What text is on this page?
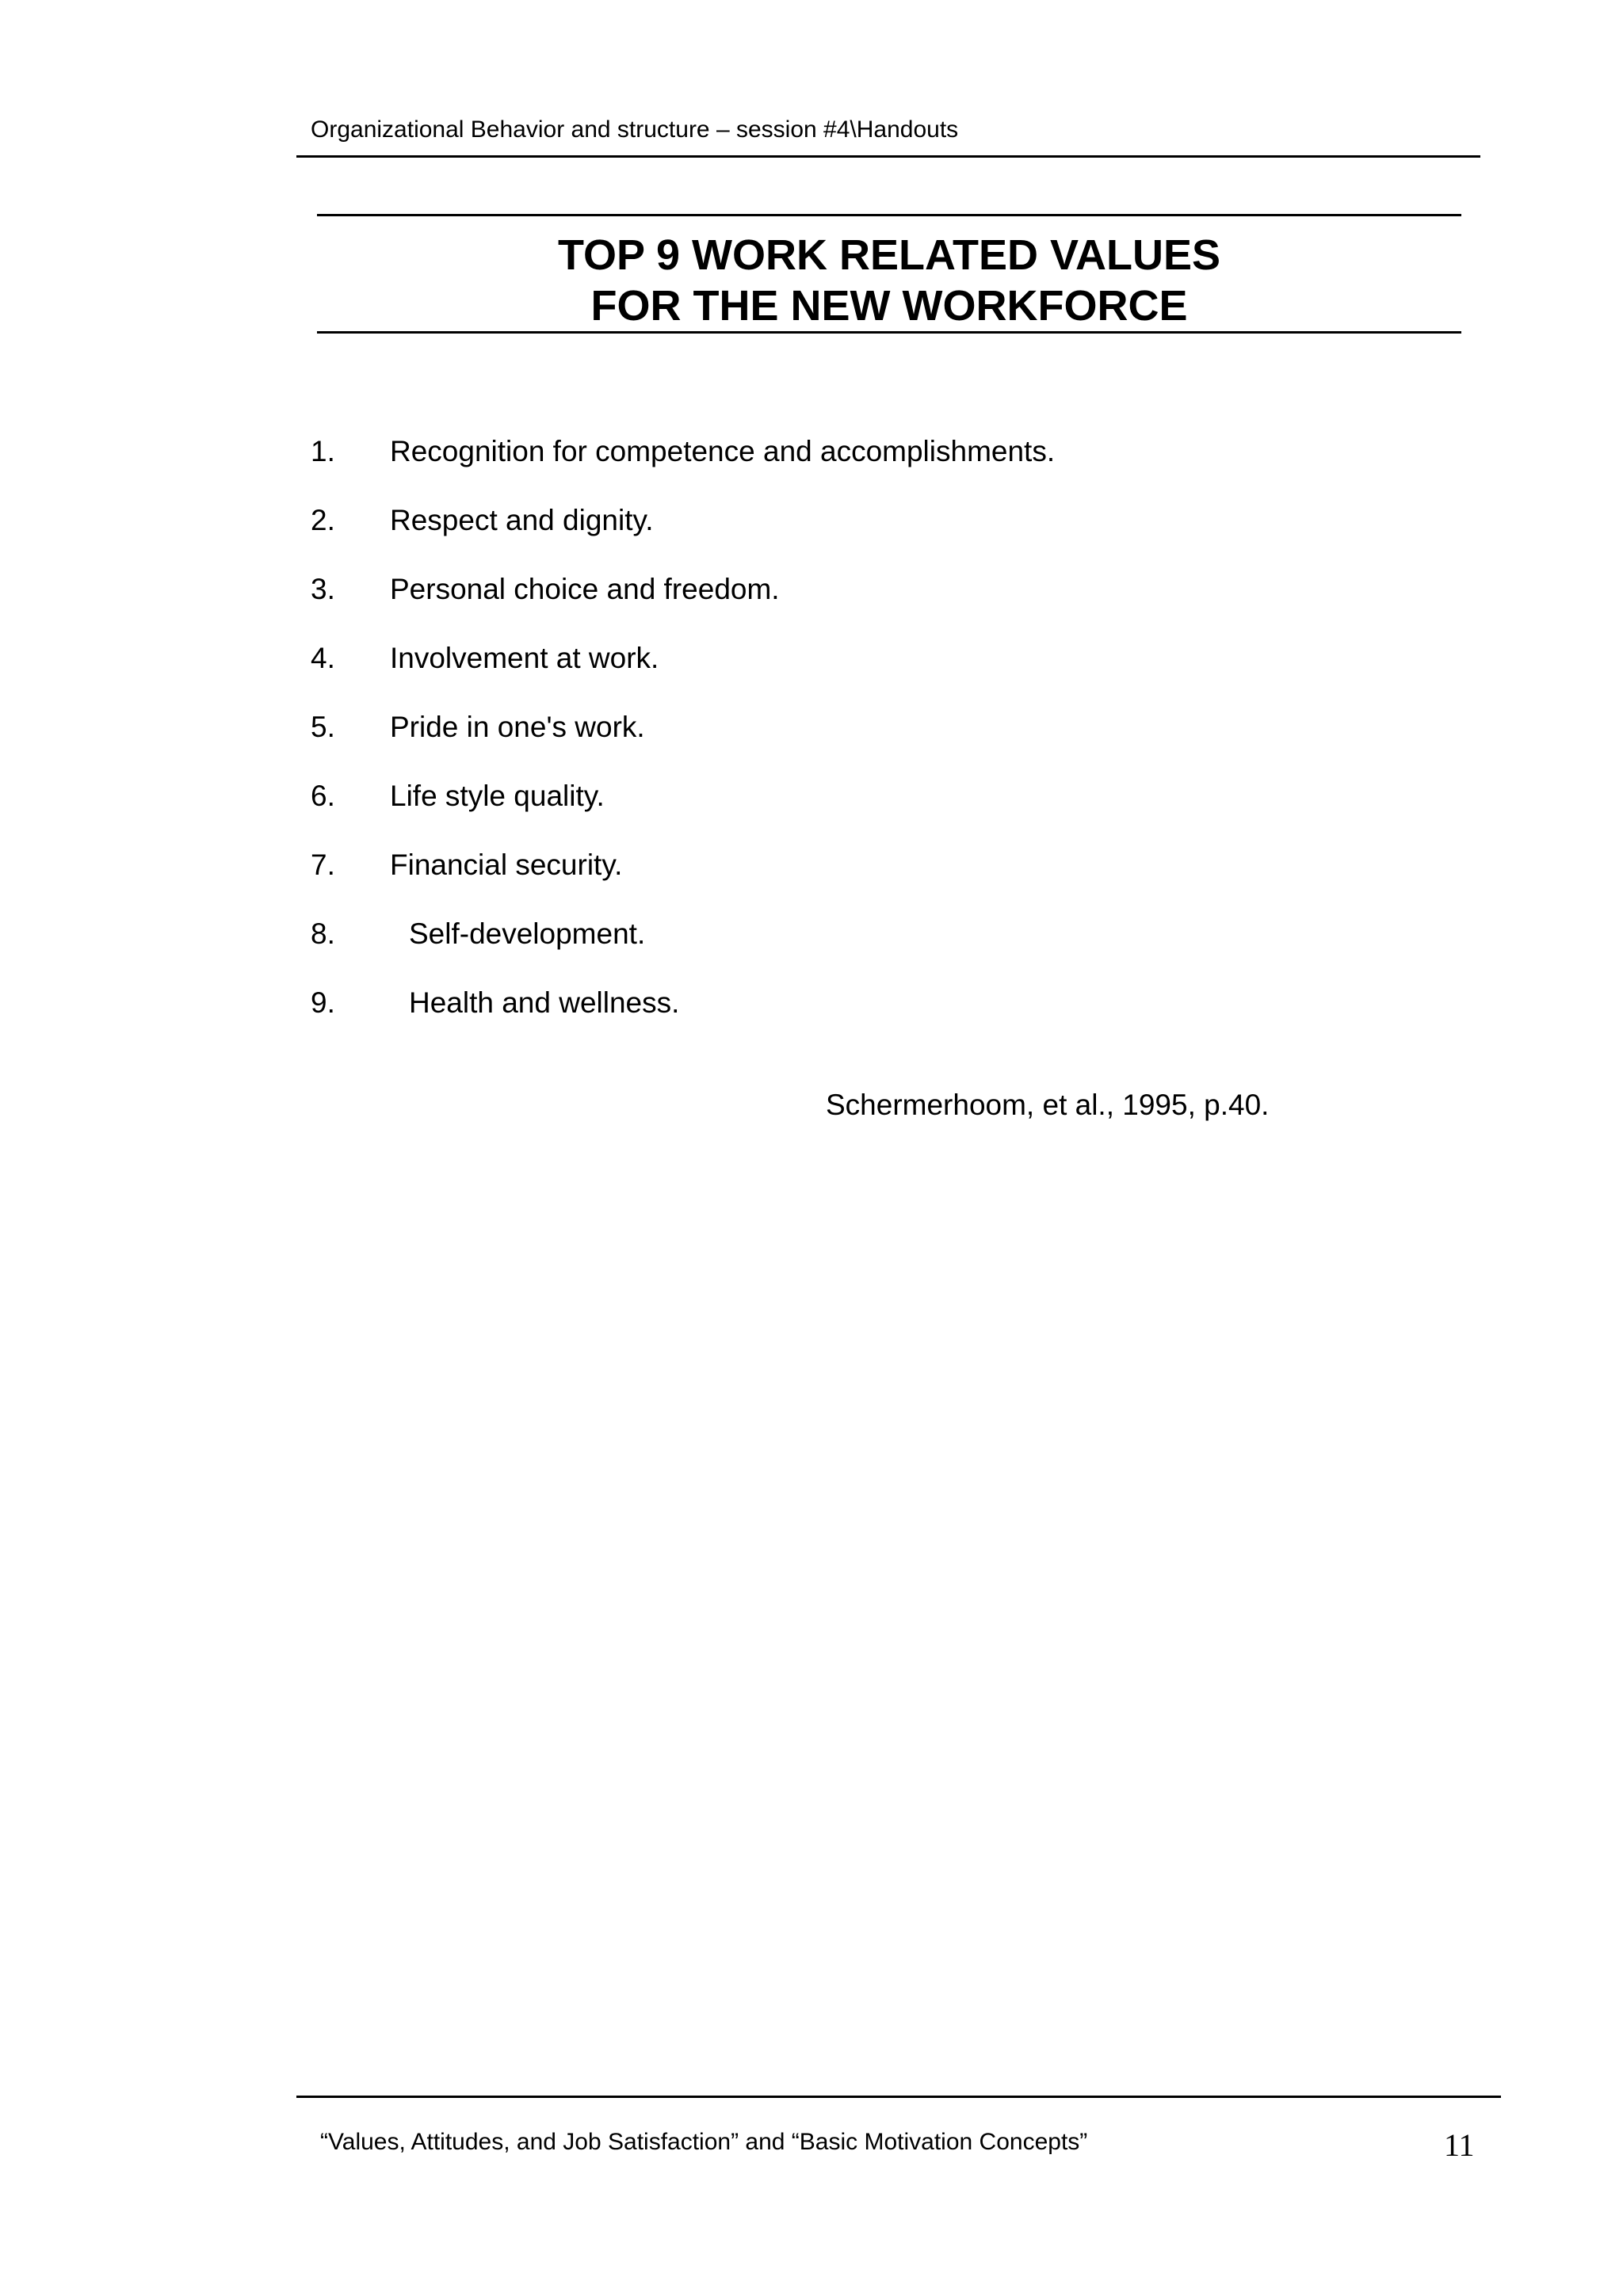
Organizational Behavior and structure – session #4\Handouts
TOP 9 WORK RELATED VALUES
FOR THE NEW WORKFORCE
1. Recognition for competence and accomplishments.
2. Respect and dignity.
3. Personal choice and freedom.
4. Involvement at work.
5. Pride in one's work.
6. Life style quality.
7. Financial security.
8.	Self-development.
9.	Health and wellness.
Schermerhoom, et al., 1995, p.40.
“Values, Attitudes, and Job Satisfaction” and “Basic Motivation Concepts”	11
